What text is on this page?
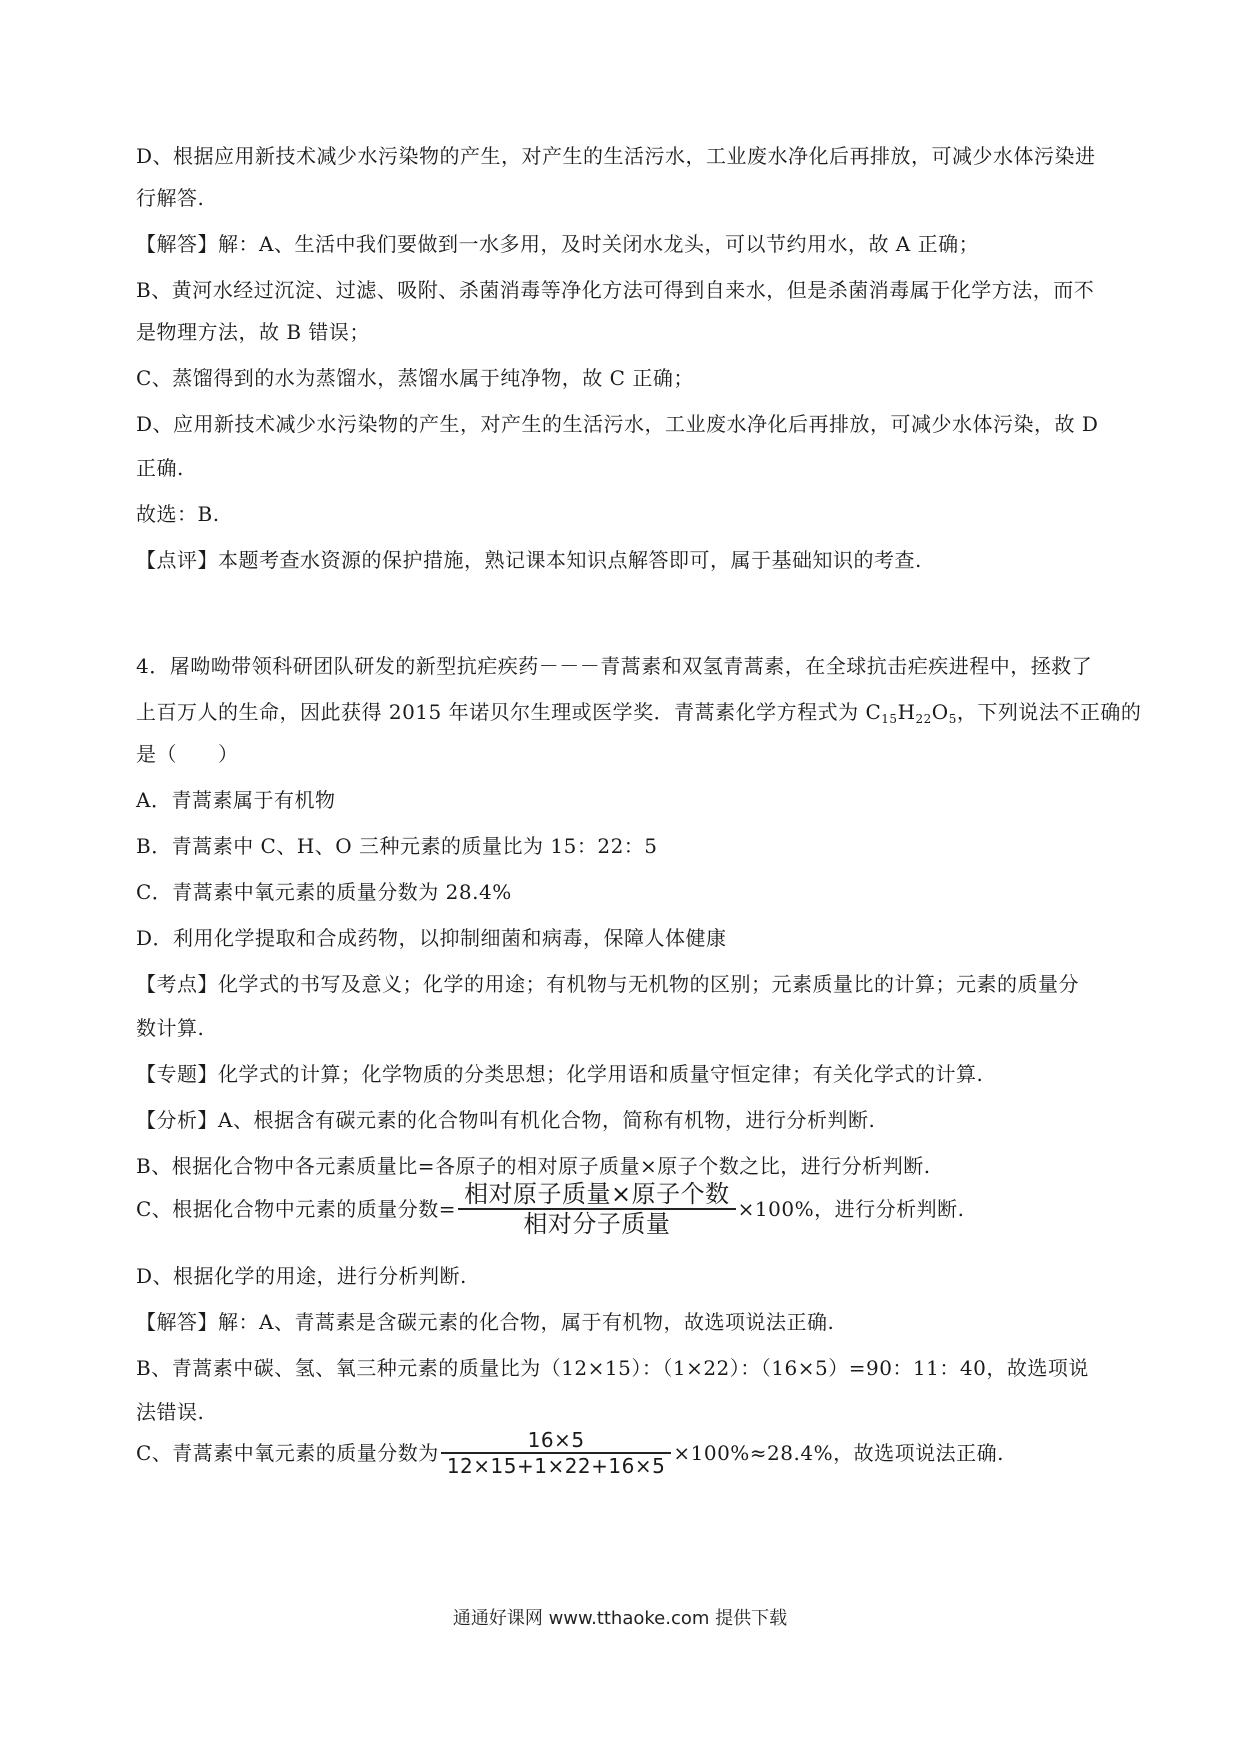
D、根据应用新技术减少水污染物的产生，对产生的生活污水，工业废水净化后再排放，可减少水体污染进
行解答.
【解答】解：A、生活中我们要做到一水多用，及时关闭水龙头，可以节约用水，故 A 正确；
B、黄河水经过沉淀、过滤、吸附、杀菌消毒等净化方法可得到自来水，但是杀菌消毒属于化学方法，而不
是物理方法，故 B 错误；
C、蒸馏得到的水为蒸馏水，蒸馏水属于纯净物，故 C 正确；
D、应用新技术减少水污染物的产生，对产生的生活污水，工业废水净化后再排放，可减少水体污染，故 D
正确.
故选：B.
【点评】本题考查水资源的保护措施，熟记课本知识点解答即可，属于基础知识的考查.
4．屠呦呦带领科研团队研发的新型抗疟疾药－－－青蒿素和双氢青蒿素，在全球抗击疟疾进程中，拯救了
上百万人的生命，因此获得 2015 年诺贝尔生理或医学奖．青蒿素化学方程式为 $C_{15}H_{22}O_5$，下列说法不正确的
是（　　）
A．青蒿素属于有机物
B．青蒿素中 C、H、O 三种元素的质量比为 15：22：5
C．青蒿素中氧元素的质量分数为 28.4%
D．利用化学提取和合成药物，以抑制细菌和病毒，保障人体健康
【考点】化学式的书写及意义；化学的用途；有机物与无机物的区别；元素质量比的计算；元素的质量分
数计算.
【专题】化学式的计算；化学物质的分类思想；化学用语和质量守恒定律；有关化学式的计算.
【分析】A、根据含有碳元素的化合物叫有机化合物，简称有机物，进行分析判断.
B、根据化合物中各元素质量比=各原子的相对原子质量×原子个数之比，进行分析判断.
C、根据化合物中元素的质量分数= $\frac{\text{相对原子质量×原子个数}}{\text{相对分子质量}} \times 100\%$，进行分析判断.
D、根据化学的用途，进行分析判断.
【解答】解：A、青蒿素是含碳元素的化合物，属于有机物，故选项说法正确.
B、青蒿素中碳、氢、氧三种元素的质量比为（12×15）：（1×22）：（16×5）=90：11：40，故选项说
法错误.
C、青蒿素中氧元素的质量分数为 $\frac{16\times 5}{12\times 15+1\times 22+16\times 5} \times 100\%\approx 28.4\%$，故选项说法正确.
通通好课网 www.tthaoke.com 提供下载
